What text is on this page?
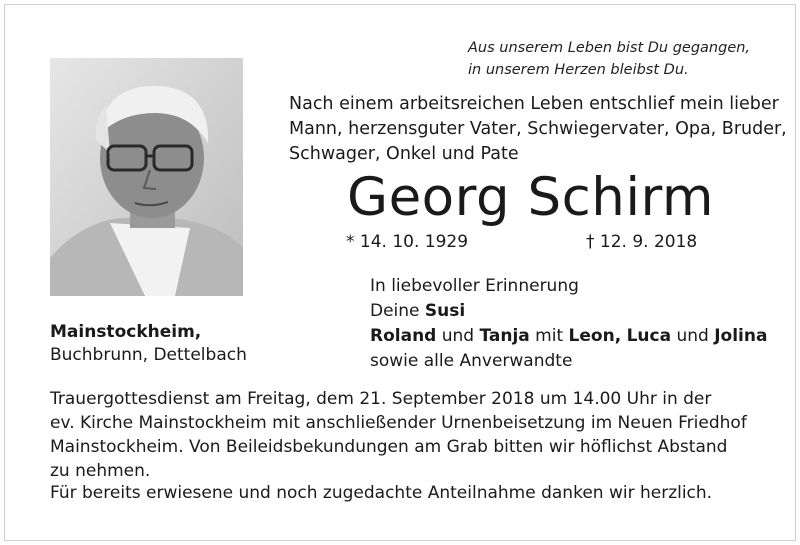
Aus unserem Leben bist Du gegangen,
in unserem Herzen bleibst Du.
Nach einem arbeitsreichen Leben entschlief mein lieber
Mann, herzensguter Vater, Schwiegervater, Opa, Bruder,
Schwager, Onkel und Pate
Georg Schirm
* 14. 10. 1929	† 12. 9. 2018
In liebevoller Erinnerung
Deine Susi
Roland und Tanja mit Leon, Luca und Jolina
sowie alle Anverwandte
Mainstockheim,
Buchbrunn, Dettelbach
Trauergottesdienst am Freitag, dem 21. September 2018 um 14.00 Uhr in der
ev. Kirche Mainstockheim mit anschließender Urnenbeisetzung im Neuen Friedhof
Mainstockheim. Von Beileidsbekundungen am Grab bitten wir höflichst Abstand
zu nehmen.
Für bereits erwiesene und noch zugedachte Anteilnahme danken wir herzlich.
